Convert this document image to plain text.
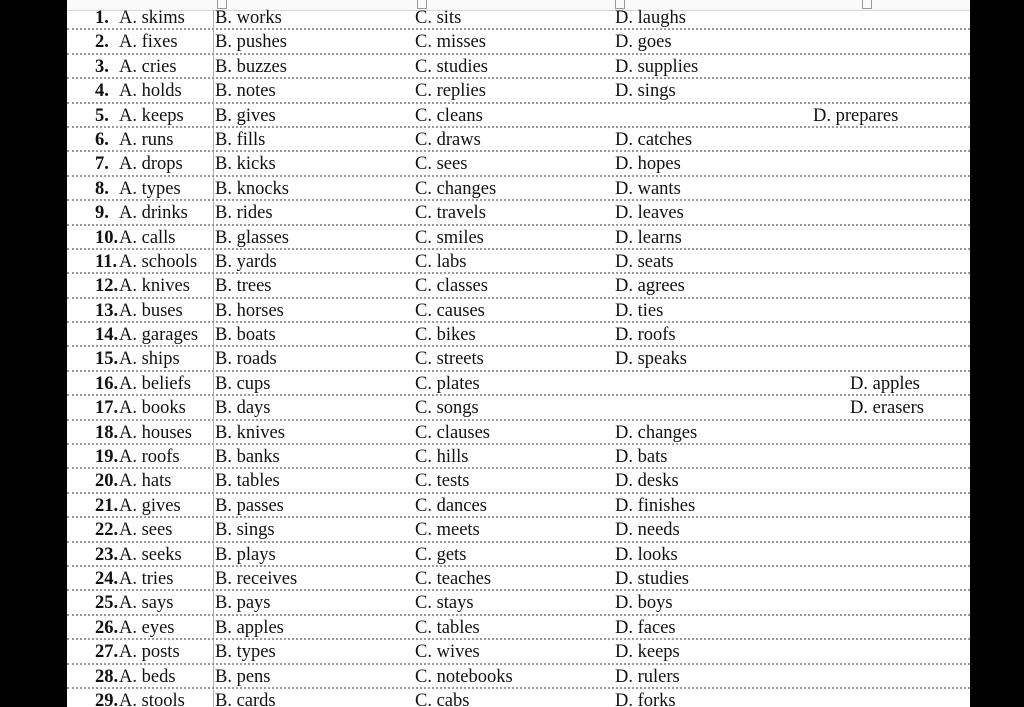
1. A. skims B. works	C. sits	D. laughs
2. A. fixes B. pushes	C. misses	D. goes
3. A. cries B. buzzes	C. studies	D. supplies
4. A. holds B. notes	C. replies	D. sings
5. A. keeps B. gives	C. cleans	D. prepares
6. A. runs B. fills	C. draws	D. catches
7. A. drops B. kicks	C. sees	D. hopes
8. A. types B. knocks	C. changes	D. wants
9. A. drinks B. rides	C. travels	D. leaves
10. A. calls B. glasses	C. smiles	D. learns
11. A. schools B. yards	C. labs	D. seats
12. A. knives B. trees	C. classes	D. agrees
13. A. buses B. horses	C. causes	D. ties
14. A. garages B. boats	C. bikes	D. roofs
15. A. ships B. roads	C. streets	D. speaks
16. A. beliefs B. cups	C. plates	D. apples
17. A. books B. days	C. songs	D. erasers
18. A. houses B. knives	C. clauses	D. changes
19. A. roofs B. banks	C. hills	D. bats
20. A. hats B. tables	C. tests	D. desks
21. A. gives B. passes	C. dances	D. finishes
22. A. sees B. sings	C. meets	D. needs
23. A. seeks B. plays	C. gets	D. looks
24. A. tries B. receives	C. teaches	D. studies
25. A. says B. pays	C. stays	D. boys
26. A. eyes B. apples	C. tables	D. faces
27. A. posts B. types	C. wives	D. keeps
28. A. beds B. pens	C. notebooks	D. rulers
29. A. stools B. cards	C. cabs	D. forks
